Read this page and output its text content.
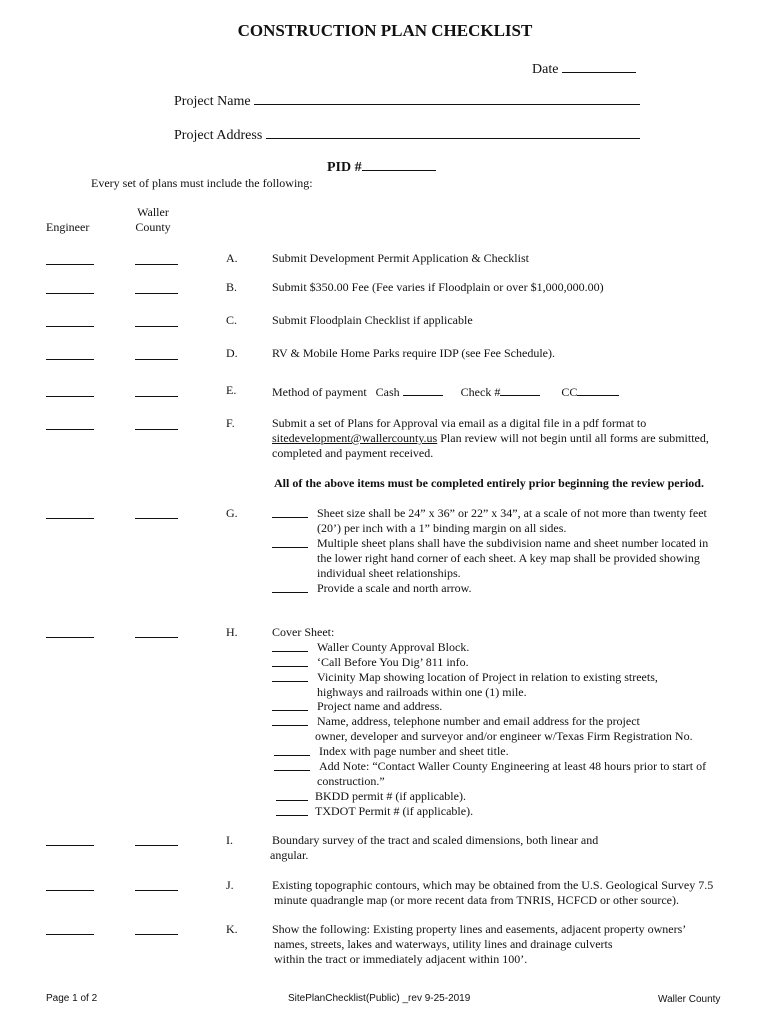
CONSTRUCTION PLAN CHECKLIST
Date
Project Name
Project Address
PID #
Every set of plans must include the following:
Waller
County
Engineer
A.	Submit Development Permit Application & Checklist
B.	Submit $350.00 Fee (Fee varies if Floodplain or over $1,000,000.00)
C.	Submit Floodplain Checklist if applicable
D.	RV & Mobile Home Parks require IDP (see Fee Schedule).
E.	Method of payment Cash	Check #	CC
F.	Submit a set of Plans for Approval via email as a digital file in a pdf format to
sitedevelopment@wallercounty.us Plan review will not begin until all forms are submitted,
completed and payment received.
All of the above items must be completed entirely prior beginning the review period.
G.	Sheet size shall be 24” x 36” or 22” x 34”, at a scale of not more than twenty feet
(20’) per inch with a 1” binding margin on all sides.
Multiple sheet plans shall have the subdivision name and sheet number located in
the lower right hand corner of each sheet. A key map shall be provided showing
individual sheet relationships.
Provide a scale and north arrow.
H.	Cover Sheet:
Waller County Approval Block.
‘Call Before You Dig’ 811 info.
Vicinity Map showing location of Project in relation to existing streets,
highways and railroads within one (1) mile.
Project name and address.
Name, address, telephone number and email address for the project
owner, developer and surveyor and/or engineer w/Texas Firm Registration No.
Index with page number and sheet title.
Add Note: “Contact Waller County Engineering at least 48 hours prior to start of
construction.”
BKDD permit # (if applicable).
TXDOT Permit # (if applicable).
I.	Boundary survey of the tract and scaled dimensions, both linear and
angular.
J.	Existing topographic contours, which may be obtained from the U.S. Geological Survey 7.5
minute quadrangle map (or more recent data from TNRIS, HCFCD or other source).
K.	Show the following: Existing property lines and easements, adjacent property owners’
names, streets, lakes and waterways, utility lines and drainage culverts
within the tract or immediately adjacent within 100’.
Page 1 of 2	SitePlanChecklist(Public) _rev 9-25-2019	Waller County
